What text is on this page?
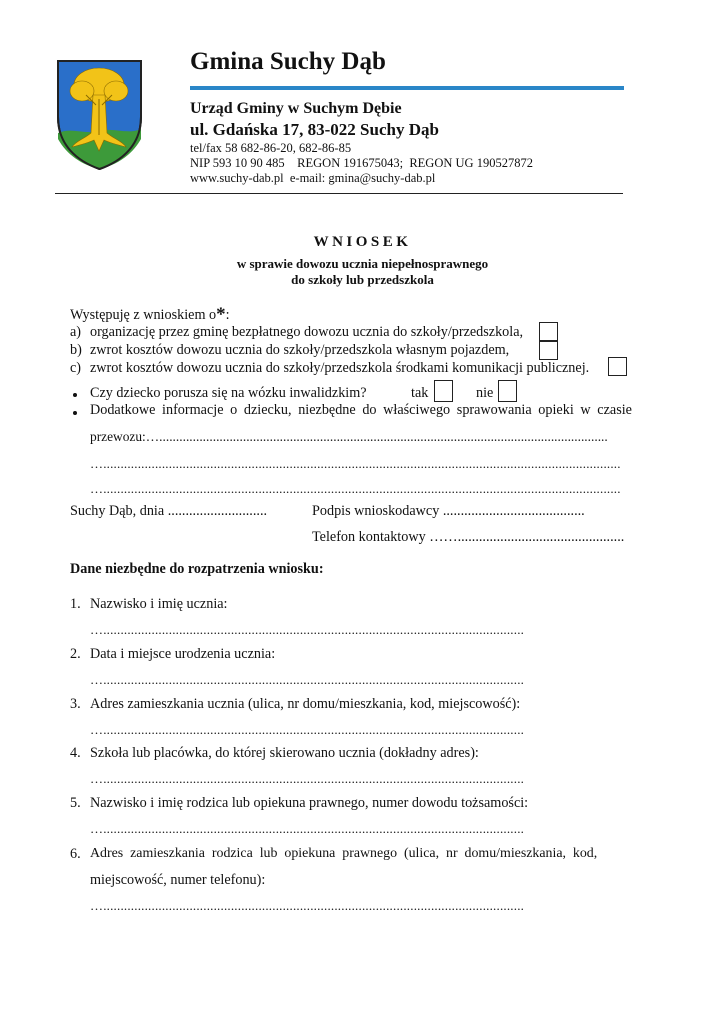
Gmina Suchy Dąb
Urząd Gminy w Suchym Dębie
ul. Gdańska 17, 83-022 Suchy Dąb
tel/fax 58 682-86-20, 682-86-85
NIP 593 10 90 485    REGON 191675043;  REGON UG 190527872
www.suchy-dab.pl  e-mail: gmina@suchy-dab.pl
WNIOSEK
w sprawie dowozu ucznia niepełnosprawnego
do szkoły lub przedszkola
Występuję z wnioskiem o*:
a) organizację przez gminę bezpłatnego dowozu ucznia do szkoły/przedszkola,
b) zwrot kosztów dowozu ucznia do szkoły/przedszkola własnym pojazdem,
c) zwrot kosztów dowozu ucznia do szkoły/przedszkola środkami komunikacji publicznej.
Czy dziecko porusza się na wózku inwalidzkim?	tak	nie
Dodatkowe informacje o dziecku, niezbędne do właściwego sprawowania opieki w czasie
przewozu:…......................................................................................................................................
…......................................................................................................................................................
…......................................................................................................................................................
Suchy Dąb, dnia ............................	Podpis wnioskodawcy ........................................
Telefon kontaktowy ……...............................................
Dane niezbędne do rozpatrzenia wniosku:
1. Nazwisko i imię ucznia:
…..........................................................................................................................
2. Data i miejsce urodzenia ucznia:
…..........................................................................................................................
3. Adres zamieszkania ucznia (ulica, nr domu/mieszkania, kod, miejscowość):
…..........................................................................................................................
4. Szkoła lub placówka, do której skierowano ucznia (dokładny adres):
…..........................................................................................................................
5. Nazwisko i imię rodzica lub opiekuna prawnego, numer dowodu tożsamości:
…..........................................................................................................................
6. Adres  zamieszkania  rodzica  lub  opiekuna  prawnego  (ulica,  nr  domu/mieszkania,  kod,
miejscowość, numer telefonu):
…..........................................................................................................................
